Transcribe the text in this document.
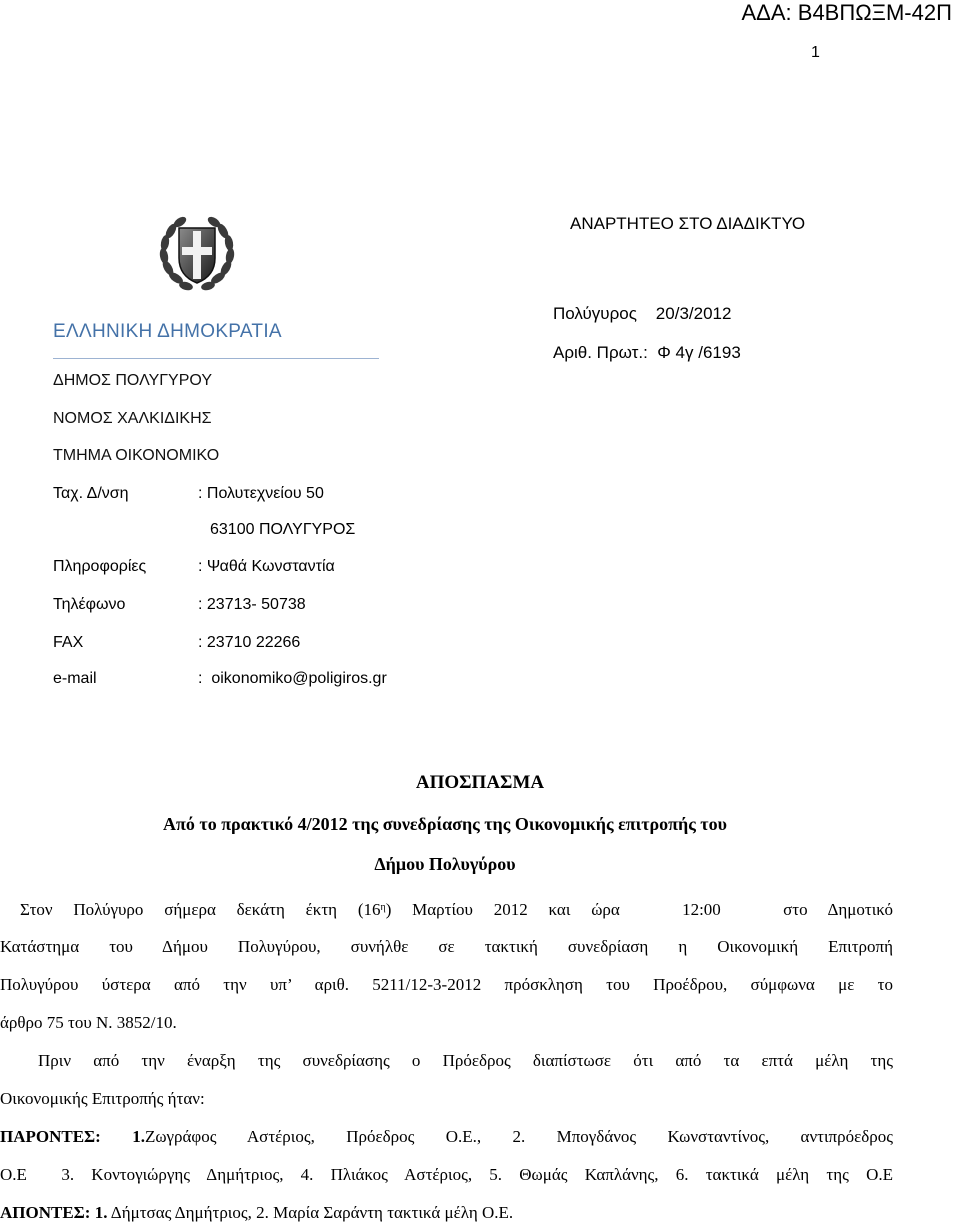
ΑΔΑ: Β4ΒΠΩΞΜ-42Π
1
ΑΝΑΡΤΗΤΕΟ ΣΤΟ ΔΙΑΔΙΚΤΥΟ
ΕΛΛΗΝΙΚΗ ΔΗΜΟΚΡΑΤΙΑ
ΔΗΜΟΣ ΠΟΛΥΓΥΡΟΥ
ΝΟΜΟΣ ΧΑΛΚΙΔΙΚΗΣ
ΤΜΗΜΑ ΟΙΚΟΝΟΜΙΚΟ
Πολύγυρος    20/3/2012
Αριθ. Πρωτ.:  Φ 4γ /6193
Ταχ. Δ/νση	: Πολυτεχνείου 50
63100 ΠΟΛΥΓΥΡΟΣ
Πληροφορίες	: Ψαθά Κωνσταντία
Τηλέφωνο	: 23713- 50738
FAX	: 23710 22266
e-mail	:  oikonomiko@poligiros.gr
ΑΠΟΣΠΑΣΜΑ
Από το πρακτικό 4/2012 της συνεδρίασης της Οικονομικής επιτροπής του
Δήμου Πολυγύρου
Στον Πολύγυρο σήμερα δεκάτη έκτη $(16^\eta)$ Μαρτίου 2012 και ώρα   12:00   στο Δημοτικό
Κατάστημα του Δήμου Πολυγύρου, συνήλθε σε τακτική συνεδρίαση η Οικονομική Επιτροπή
Πολυγύρου ύστερα από την υπ’ αριθ. 5211/12-3-2012 πρόσκληση του Προέδρου, σύμφωνα με το
άρθρο 75 του Ν. 3852/10.
Πριν από την έναρξη της συνεδρίασης ο Πρόεδρος διαπίστωσε ότι από τα επτά μέλη της
Οικονομικής Επιτροπής ήταν:
ΠΑΡΟΝΤΕΣ: 1.Ζωγράφος Αστέριος, Πρόεδρος Ο.Ε., 2. Μπογδάνος Κωνσταντίνος, αντιπρόεδρος
Ο.Ε  3. Κοντογιώργης Δημήτριος, 4. Πλιάκος Αστέριος, 5. Θωμάς Καπλάνης, 6. τακτικά μέλη της Ο.Ε
ΑΠΟΝΤΕΣ: 1. Δήμτσας Δημήτριος, 2. Μαρία Σαράντη τακτικά μέλη Ο.Ε.
